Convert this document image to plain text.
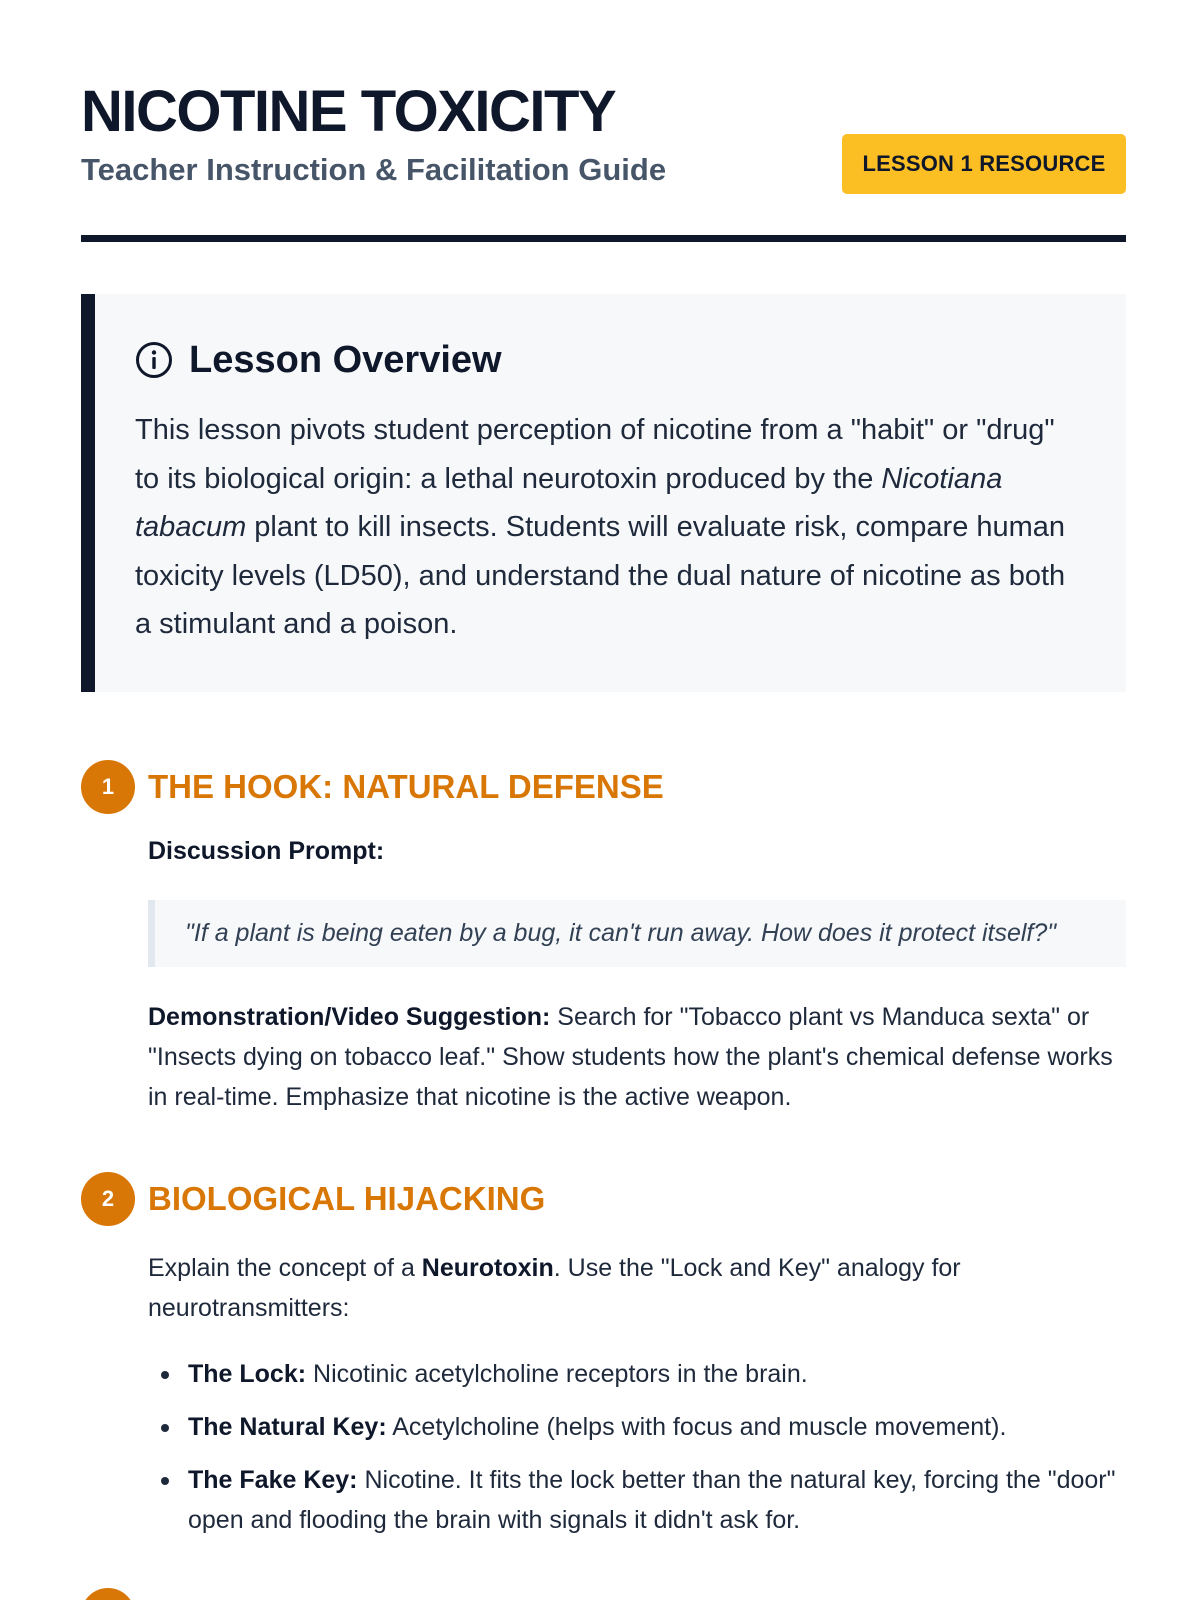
NICOTINE TOXICITY
Teacher Instruction & Facilitation Guide	LESSON 1 RESOURCE
Lesson Overview

This lesson pivots student perception of nicotine from a "habit" or "drug" to its biological origin: a lethal neurotoxin produced by the Nicotiana tabacum plant to kill insects. Students will evaluate risk, compare human toxicity levels (LD50), and understand the dual nature of nicotine as both a stimulant and a poison.

1	THE HOOK: NATURAL DEFENSE
Discussion Prompt:
"If a plant is being eaten by a bug, it can't run away. How does it protect itself?"

Demonstration/Video Suggestion: Search for "Tobacco plant vs Manduca sexta" or "Insects dying on tobacco leaf." Show students how the plant's chemical defense works in real-time. Emphasize that nicotine is the active weapon.

2	BIOLOGICAL HIJACKING

Explain the concept of a Neurotoxin. Use the "Lock and Key" analogy for neurotransmitters:

The Lock: Nicotinic acetylcholine receptors in the brain.
The Natural Key: Acetylcholine (helps with focus and muscle movement).
The Fake Key: Nicotine. It fits the lock better than the natural key, forcing the "door" open and flooding the brain with signals it didn't ask for.
